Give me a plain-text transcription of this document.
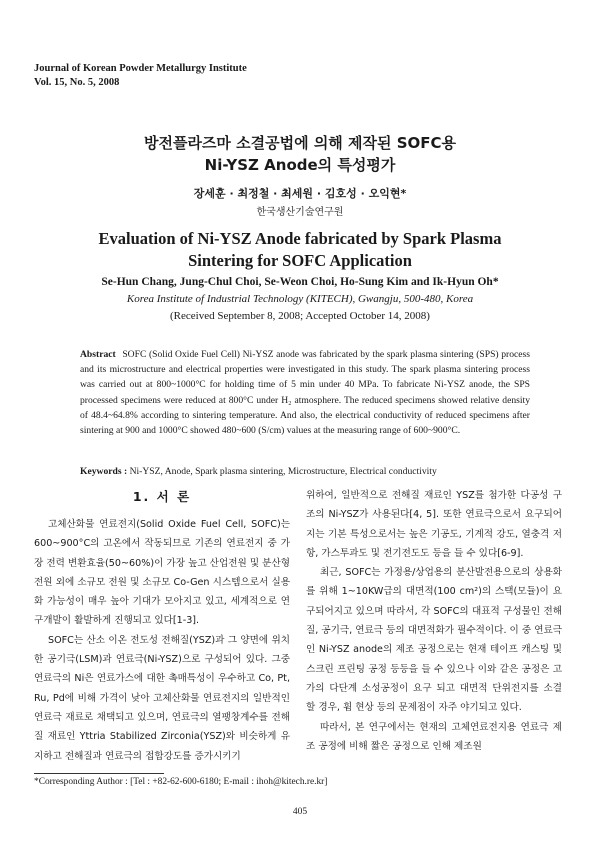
Journal of Korean Powder Metallurgy Institute
Vol. 15, No. 5, 2008
방전플라즈마 소결공법에 의해 제작된 SOFC용
Ni-YSZ Anode의 특성평가
장세훈 · 최정철 · 최세원 · 김호성 · 오익현*
한국생산기술연구원
Evaluation of Ni-YSZ Anode fabricated by Spark Plasma
Sintering for SOFC Application
Se-Hun Chang, Jung-Chul Choi, Se-Weon Choi, Ho-Sung Kim and Ik-Hyun Oh*
Korea Institute of Industrial Technology (KITECH), Gwangju, 500-480, Korea
(Received September 8, 2008; Accepted October 14, 2008)
Abstract SOFC (Solid Oxide Fuel Cell) Ni-YSZ anode was fabricated by the spark plasma sintering (SPS) process and its microstructure and electrical properties were investigated in this study. The spark plasma sintering process was carried out at 800~1000°C for holding time of 5 min under 40 MPa. To fabricate Ni-YSZ anode, the SPS processed specimens were reduced at 800°C under H₂ atmosphere. The reduced specimens showed relative density of 48.4~64.8% according to sintering temperature. And also, the electrical conductivity of reduced specimens after sintering at 900 and 1000°C showed 480~600 (S/cm) values at the measuring range of 600~900°C.
Keywords : Ni-YSZ, Anode, Spark plasma sintering, Microstructure, Electrical conductivity
1. 서 론

고체산화물 연료전지(Solid Oxide Fuel Cell, SOFC)는 600~900°C의 고온에서 작동되므로 기존의 연료전지 중 가장 전력 변환효율(50~60%)이 가장 높고 산업전원 및 분산형 전원 외에 소규모 전원 및 소규모 Co-Gen 시스템으로서 실용화 가능성이 매우 높아 기대가 모아지고 있고, 세계적으로 연구개발이 활발하게 진행되고 있다[1-3].

SOFC는 산소 이온 전도성 전해질(YSZ)과 그 양면에 위치한 공기극(LSM)과 연료극(Ni-YSZ)으로 구성되어 있다. 그중 연료극의 Ni은 연료가스에 대한 촉매특성이 우수하고 Co, Pt, Ru, Pd에 비해 가격이 낮아 고체산화물 연료전지의 일반적인 연료극 재료로 채택되고 있으며, 연료극의 열팽창계수를 전해질 재료인 Yttria Stabilized Zirconia(YSZ)와 비슷하게 유지하고 전해질과 연료극의 접합강도를 증가시키기

위하여, 일반적으로 전해질 재료인 YSZ를 첨가한 다공성 구조의 Ni-YSZ가 사용된다[4, 5]. 또한 연료극으로서 요구되어지는 기본 특성으로서는 높은 기공도, 기계적 강도, 열충격 저항, 가스투과도 및 전기전도도 등을 들 수 있다[6-9].

최근, SOFC는 가정용/상업용의 분산발전용으로의 상용화를 위해 1~10KW급의 대면적(100 cm²)의 스택(모듈)이 요구되어지고 있으며 따라서, 각 SOFC의 대표적 구성물인 전해질, 공기극, 연료극 등의 대면적화가 필수적이다. 이 중 연료극인 Ni-YSZ anode의 제조 공정으로는 현재 테이프 캐스팅 및 스크린 프린팅 공정 등등을 들 수 있으나 이와 같은 공정은 고가의 다단계 소성공정이 요구 되고 대면적 단위전지를 소결 할 경우, 휨 현상 등의 문제점이 자주 야기되고 있다.

따라서, 본 연구에서는 현재의 고체연료전지용 연료극 제조 공정에 비해 짧은 공정으로 인해 제조원

*Corresponding Author : [Tel : +82-62-600-6180; E-mail : ihoh@kitech.re.kr]
405
